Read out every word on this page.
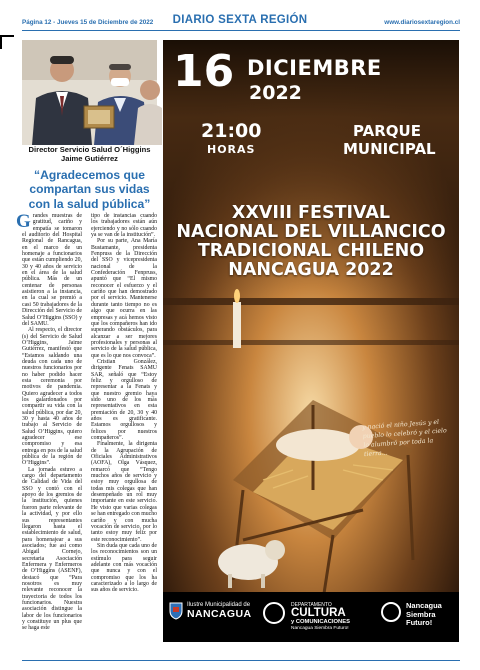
Página 12 - Jueves 15 de Diciembre de 2022	DIARIO SEXTA REGIÓN	www.diariosextaregion.cl
Director Servicio Salud O´Higgins Jaime Gutiérrez
“Agradecemos que compartan sus vidas con la salud pública”

Grandes muestras de gratitud, cariño y empatía se tomaron el auditorio del Hospital Regional de Rancagua, en el marco de un homenaje a funcionarios que están cumpliendo 20, 30 y 40 años de servicio en el área de la salud pública. Más de un centenar de personas asistieron a la instancia, en la cual se premió a casi 50 trabajadores de la Dirección del Servicio de Salud O’Higgins (SSO) y del SAMU.

Al respecto, el director (s) del Servicio de Salud O’Higgins, Jaime Gutiérrez, manifestó que “Estamos saldando una deuda con cada uno de nuestros funcionarios por no haber podido hacer esta ceremonia por motivos de pandemia. Quiero agradecer a todos los galardonados por compartir su vida con la salud pública, por dar 20, 30 y hasta 40 años de trabajo al Servicio de Salud O’Higgins, quiero agradecer ese compromiso y esa entrega en pos de la salud pública de la región de O’Higgins”.

La jornada estuvo a cargo del departamento de Calidad de Vida del SSO y contó con el apoyo de los gremios de la institución, quienes fueron parte relevante de la actividad, y por ello sus representantes llegaron hasta el establecimiento de salud, para homenajear a sus asociados; fue así como Abigail Cornejo, secretaria Asociación Enfermera y Enfermeros de O’Higgins (ASENF), destacó que “Para nosotros es muy relevante reconocer la trayectoria de todos los funcionarios. Nuestra asociación distingue la labor de los funcionarios y constituye un plus que se haga este

tipo de instancias cuando los trabajadores están aún ejerciendo y no sólo cuando ya se van de la institución”.

Por su parte, Ana María Bustamante, presidenta Fenpruss de la Dirección del SSO y vicepresidenta nacional de la Confederación Fenpruss, apuntó que “El mismo reconocer el esfuerzo y el cariño que han demostrado por el servicio. Mantenerse durante tanto tiempo no es algo que ocurra en las empresas y acá hemos visto que los compañeros han ido superando obstáculos, para alcanzar a ser mejores profesionales y personas al servicio de la salud pública, que es lo que nos convoca”.

Cristian González, dirigente Fenats SAMU SAR, señaló que “Estoy feliz y orgulloso de representar a la Fenats y que nuestro gremio haya sido uno de los más representativos en esta premiación de 20, 30 y 40 años es gratificante. Estamos orgullosos y felices por nuestros compañeros”.

Finalmente, la dirigenta de la Agrupación de Oficiales Administrativos (AOFA), Olga Vásquez, remarcó que “Tengo muchos años de servicio y estoy muy orgullosa de todas mis colegas que han desempeñado un rol muy importante en este servicio. He visto que varias colegas se han entregado con mucho cariño y con mucha vocación de servicio, por lo tanto estoy muy feliz por este reconocimiento”.

Sin duda que cada uno de los reconocimientos son un estímulo para seguir adelante con más vocación que nunca y con el compromiso que los ha caracterizado a lo largo de sus años de servicio.

16 DICIEMBRE
2022
21:00
HORAS
PARQUE
MUNICIPAL
XXVIII FESTIVAL
NACIONAL DEL VILLANCICO
TRADICIONAL CHILENO
NANCAGUA 2022
y nació el niño Jesús y el pueblo lo celebró y el cielo lo alumbró por toda la tierra...
Ilustre Municipalidad de
NANCAGUA
DEPARTAMENTO
CULTURA
y COMUNICACIONES
Nancagua Siembra Futuro!
Nancagua
Siembra
Futuro!
